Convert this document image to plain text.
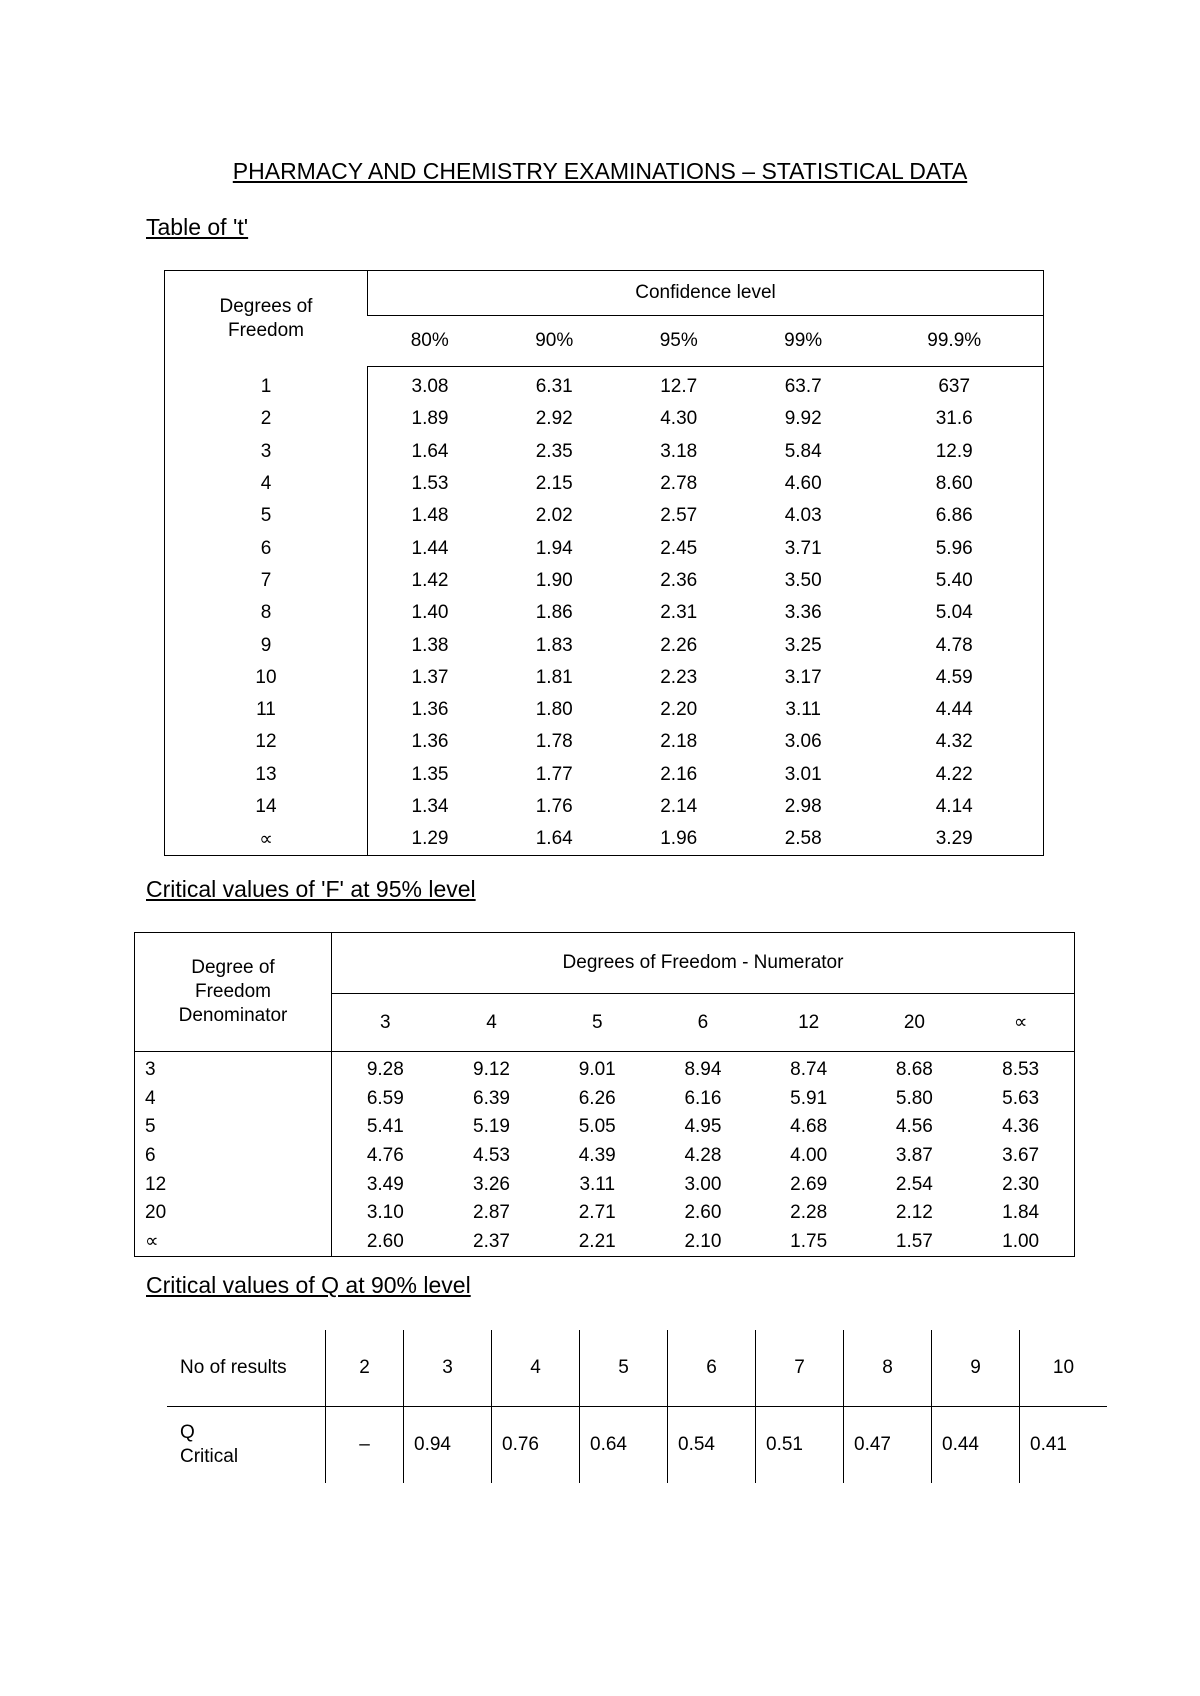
PHARMACY AND CHEMISTRY EXAMINATIONS – STATISTICAL DATA
Table of 't'
Degrees of
Freedom	Confidence level				
	80%	90%	95%	99%	99.9%

1	3.08	6.31	12.7	63.7	637
2	1.89	2.92	4.30	9.92	31.6
3	1.64	2.35	3.18	5.84	12.9
4	1.53	2.15	2.78	4.60	8.60
5	1.48	2.02	2.57	4.03	6.86
6	1.44	1.94	2.45	3.71	5.96
7	1.42	1.90	2.36	3.50	5.40
8	1.40	1.86	2.31	3.36	5.04
9	1.38	1.83	2.26	3.25	4.78
10	1.37	1.81	2.23	3.17	4.59
11	1.36	1.80	2.20	3.11	4.44
12	1.36	1.78	2.18	3.06	4.32
13	1.35	1.77	2.16	3.01	4.22
14	1.34	1.76	2.14	2.98	4.14
∝	1.29	1.64	1.96	2.58	3.29
Critical values of 'F' at 95% level
Degree of
Freedom
Denominator	Degrees of Freedom - Numerator						
	3	4	5	6	12	20	∝
3	9.28	9.12	9.01	8.94	8.74	8.68	8.53
4	6.59	6.39	6.26	6.16	5.91	5.80	5.63
5	5.41	5.19	5.05	4.95	4.68	4.56	4.36
6	4.76	4.53	4.39	4.28	4.00	3.87	3.67
12	3.49	3.26	3.11	3.00	2.69	2.54	2.30
20	3.10	2.87	2.71	2.60	2.28	2.12	1.84
∝	2.60	2.37	2.21	2.10	1.75	1.57	1.00
Critical values of Q at 90% level
No of results	2	3	4	5	6	7	8	9	10
Q
Critical	–	0.94	0.76	0.64	0.54	0.51	0.47	0.44	0.41
